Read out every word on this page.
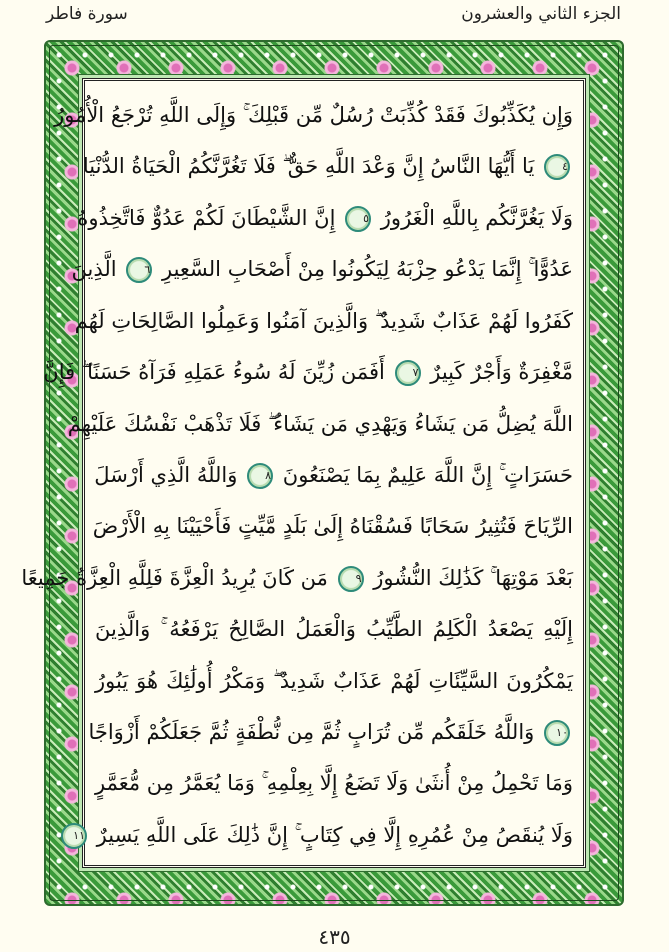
الجزء الثاني والعشرون
سورة فاطر
وَإِن يُكَذِّبُوكَ فَقَدْ كُذِّبَتْ رُسُلٌ مِّن قَبْلِكَ ۚ وَإِلَى اللَّهِ تُرْجَعُ الْأُمُورُ
٤ يَا أَيُّهَا النَّاسُ إِنَّ وَعْدَ اللَّهِ حَقٌّ ۖ فَلَا تَغُرَّنَّكُمُ الْحَيَاةُ الدُّنْيَا
وَلَا يَغُرَّنَّكُم بِاللَّهِ الْغَرُورُ ٥ إِنَّ الشَّيْطَانَ لَكُمْ عَدُوٌّ فَاتَّخِذُوهُ
عَدُوًّا ۚ إِنَّمَا يَدْعُو حِزْبَهُ لِيَكُونُوا مِنْ أَصْحَابِ السَّعِيرِ ٦ الَّذِينَ
كَفَرُوا لَهُمْ عَذَابٌ شَدِيدٌ ۖ وَالَّذِينَ آمَنُوا وَعَمِلُوا الصَّالِحَاتِ لَهُم
مَّغْفِرَةٌ وَأَجْرٌ كَبِيرٌ ٧ أَفَمَن زُيِّنَ لَهُ سُوءُ عَمَلِهِ فَرَآهُ حَسَنًا ۖ فَإِنَّ
اللَّهَ يُضِلُّ مَن يَشَاءُ وَيَهْدِي مَن يَشَاءُ ۖ فَلَا تَذْهَبْ نَفْسُكَ عَلَيْهِمْ
حَسَرَاتٍ ۚ إِنَّ اللَّهَ عَلِيمٌ بِمَا يَصْنَعُونَ ٨ وَاللَّهُ الَّذِي أَرْسَلَ
الرِّيَاحَ فَتُثِيرُ سَحَابًا فَسُقْنَاهُ إِلَىٰ بَلَدٍ مَّيِّتٍ فَأَحْيَيْنَا بِهِ الْأَرْضَ
بَعْدَ مَوْتِهَا ۚ كَذَٰلِكَ النُّشُورُ ٩ مَن كَانَ يُرِيدُ الْعِزَّةَ فَلِلَّهِ الْعِزَّةُ جَمِيعًا
إِلَيْهِ يَصْعَدُ الْكَلِمُ الطَّيِّبُ وَالْعَمَلُ الصَّالِحُ يَرْفَعُهُ ۚ وَالَّذِينَ
يَمْكُرُونَ السَّيِّئَاتِ لَهُمْ عَذَابٌ شَدِيدٌ ۖ وَمَكْرُ أُولَٰئِكَ هُوَ يَبُورُ
١٠ وَاللَّهُ خَلَقَكُم مِّن تُرَابٍ ثُمَّ مِن نُّطْفَةٍ ثُمَّ جَعَلَكُمْ أَزْوَاجًا
وَمَا تَحْمِلُ مِنْ أُنثَىٰ وَلَا تَضَعُ إِلَّا بِعِلْمِهِ ۚ وَمَا يُعَمَّرُ مِن مُّعَمَّرٍ
وَلَا يُنقَصُ مِنْ عُمُرِهِ إِلَّا فِي كِتَابٍ ۚ إِنَّ ذَٰلِكَ عَلَى اللَّهِ يَسِيرٌ ١١
٤٣٥
